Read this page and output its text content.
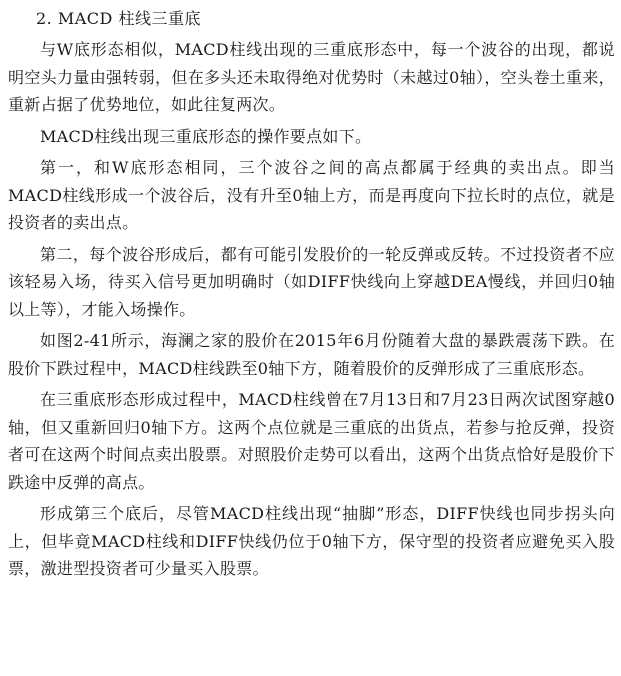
2. MACD 柱线三重底

与W底形态相似，MACD柱线出现的三重底形态中，每一个波谷的出现，都说明空头力量由强转弱，但在多头还未取得绝对优势时（未越过0轴），空头卷土重来，重新占据了优势地位，如此往复两次。

MACD柱线出现三重底形态的操作要点如下。

第一，和W底形态相同，三个波谷之间的高点都属于经典的卖出点。即当MACD柱线形成一个波谷后，没有升至0轴上方，而是再度向下拉长时的点位，就是投资者的卖出点。

第二，每个波谷形成后，都有可能引发股价的一轮反弹或反转。不过投资者不应该轻易入场，待买入信号更加明确时（如DIFF快线向上穿越DEA慢线，并回归0轴以上等），才能入场操作。

如图2-41所示，海澜之家的股价在2015年6月份随着大盘的暴跌震荡下跌。在股价下跌过程中，MACD柱线跌至0轴下方，随着股价的反弹形成了三重底形态。

在三重底形态形成过程中，MACD柱线曾在7月13日和7月23日两次试图穿越0轴，但又重新回归0轴下方。这两个点位就是三重底的出货点，若参与抢反弹，投资者可在这两个时间点卖出股票。对照股价走势可以看出，这两个出货点恰好是股价下跌途中反弹的高点。

形成第三个底后，尽管MACD柱线出现“抽脚”形态，DIFF快线也同步拐头向上，但毕竟MACD柱线和DIFF快线仍位于0轴下方，保守型的投资者应避免买入股票，激进型投资者可少量买入股票。
